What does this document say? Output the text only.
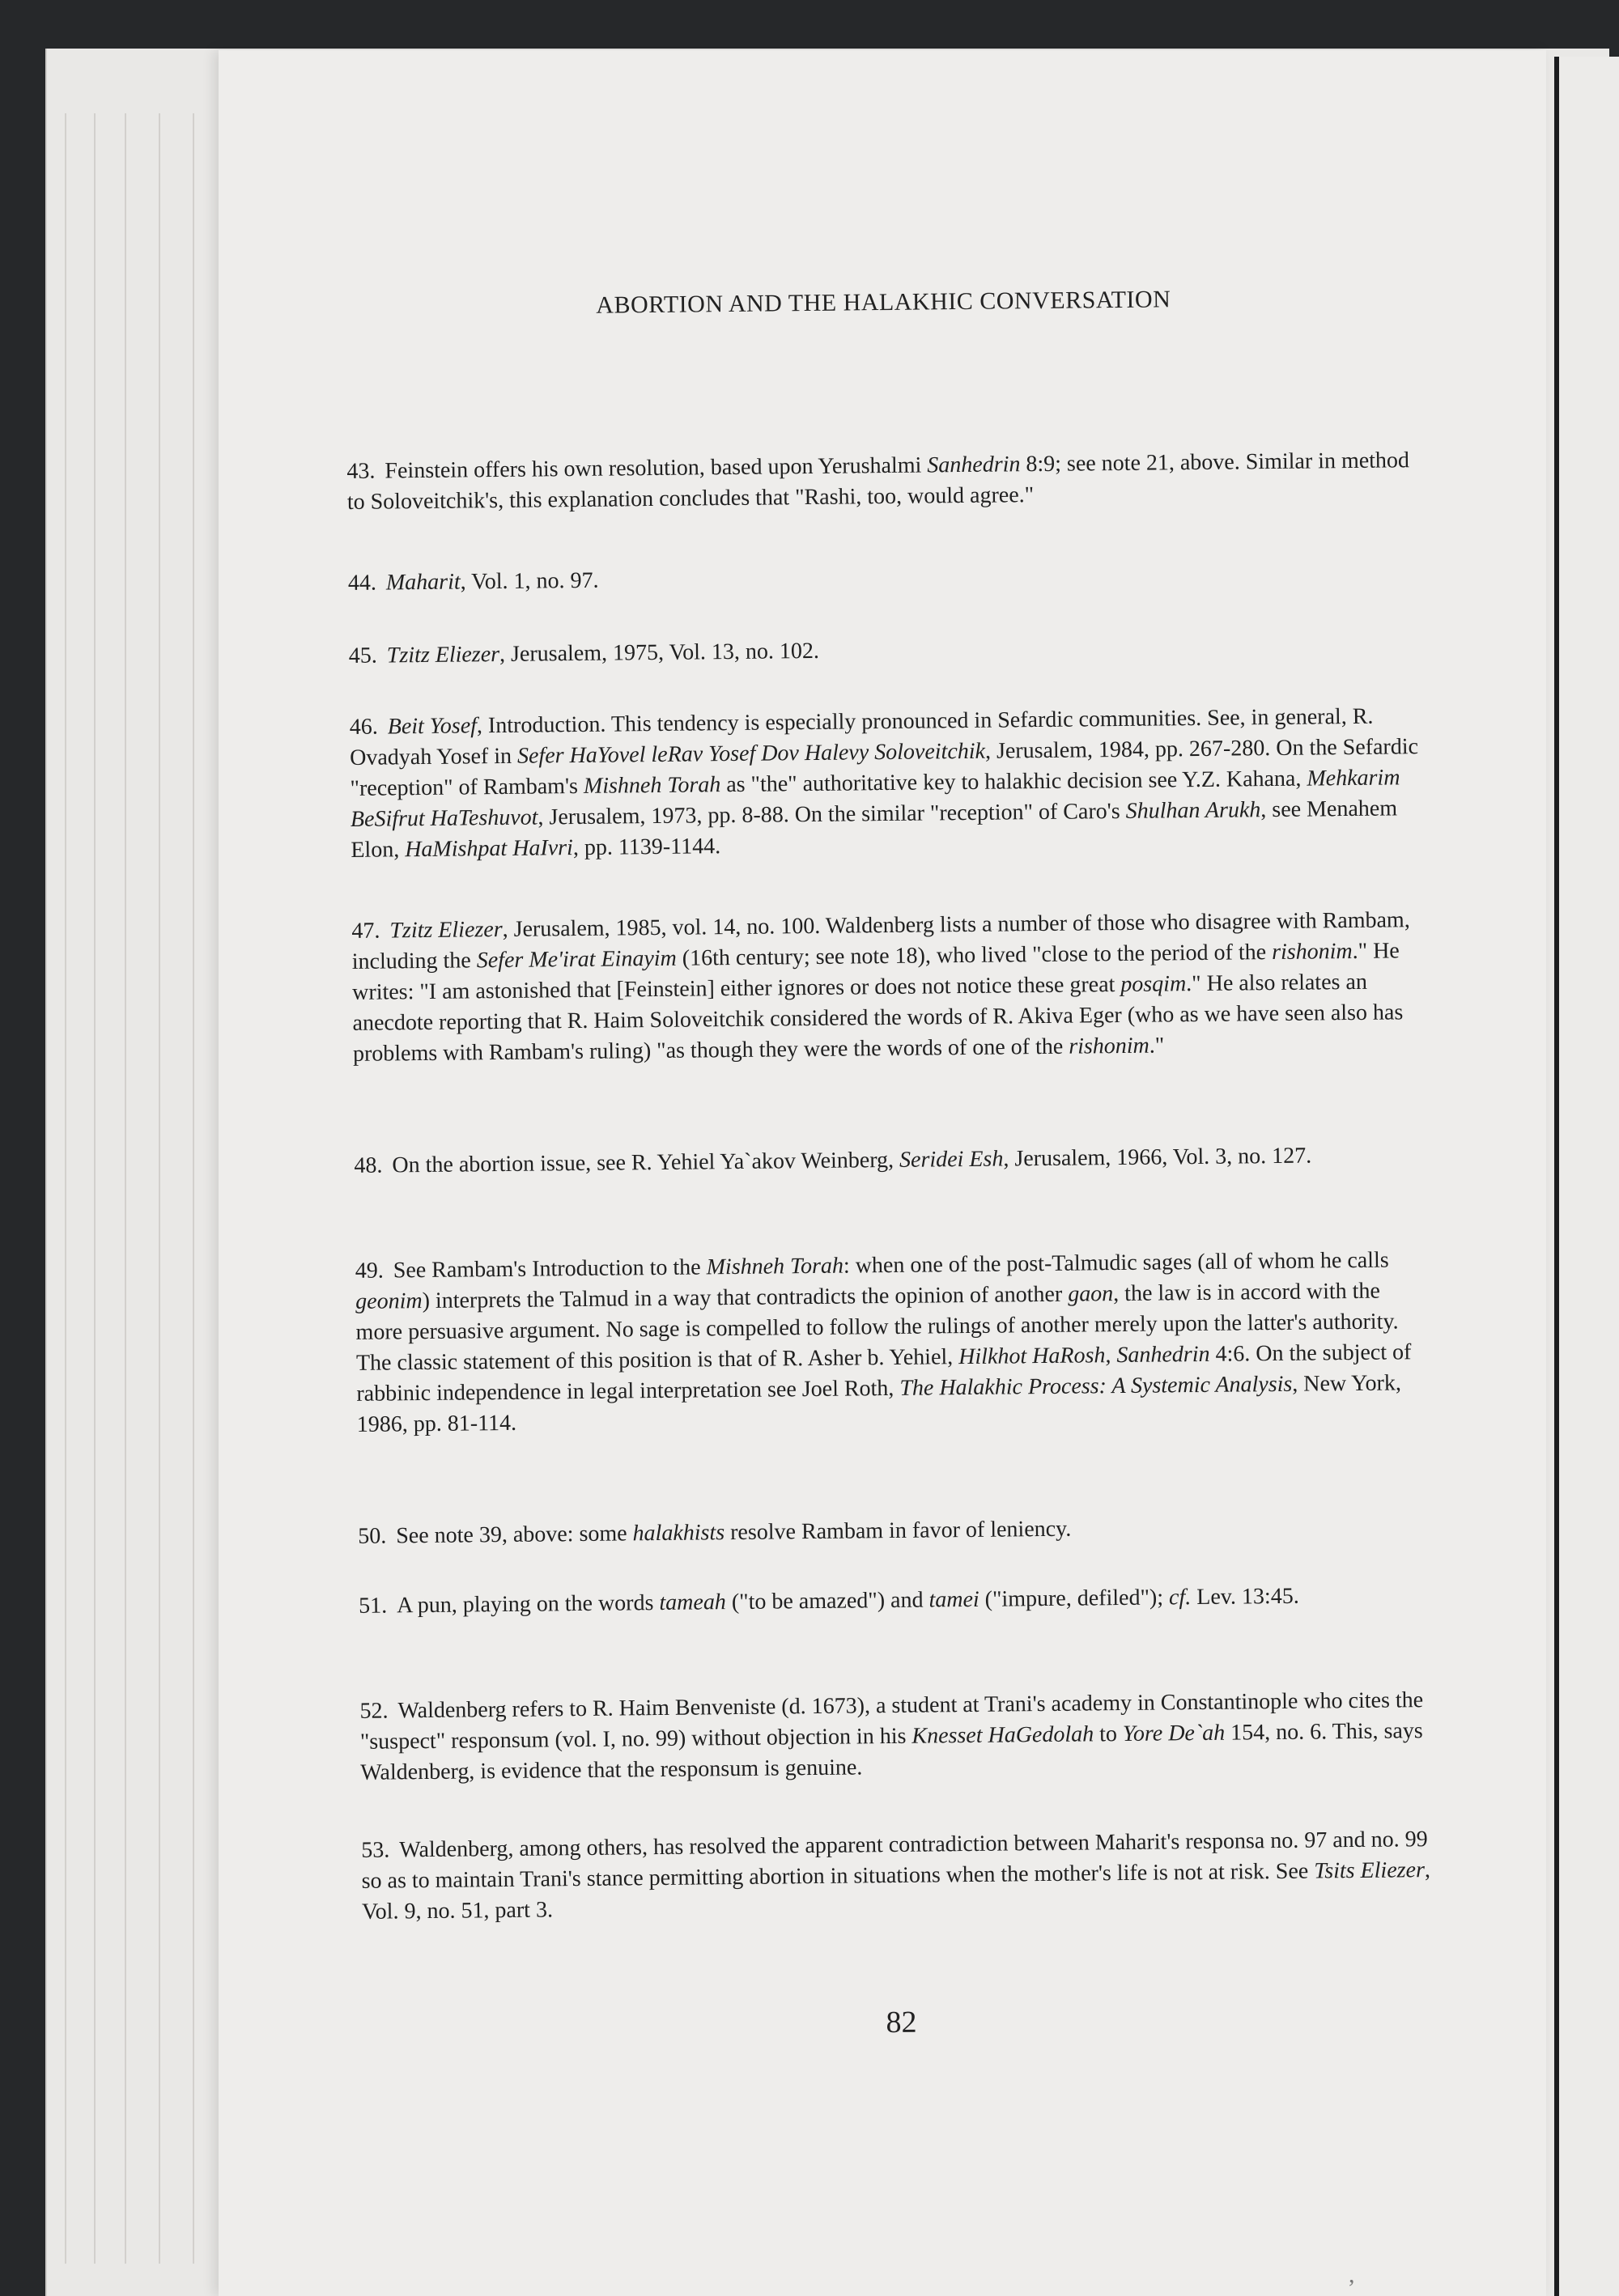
ABORTION AND THE HALAKHIC CONVERSATION
43. Feinstein offers his own resolution, based upon Yerushalmi Sanhedrin 8:9; see note 21, above. Similar in method to Soloveitchik's, this explanation concludes that "Rashi, too, would agree."
44. Maharit, Vol. 1, no. 97.
45. Tzitz Eliezer, Jerusalem, 1975, Vol. 13, no. 102.
46. Beit Yosef, Introduction. This tendency is especially pronounced in Sefardic communities. See, in general, R. Ovadyah Yosef in Sefer HaYovel leRav Yosef Dov Halevy Soloveitchik, Jerusalem, 1984, pp. 267-280. On the Sefardic "reception" of Rambam's Mishneh Torah as "the" authoritative key to halakhic decision see Y.Z. Kahana, Mehkarim BeSifrut HaTeshuvot, Jerusalem, 1973, pp. 8-88. On the similar "reception" of Caro's Shulhan Arukh, see Menahem Elon, HaMishpat HaIvri, pp. 1139-1144.
47. Tzitz Eliezer, Jerusalem, 1985, vol. 14, no. 100. Waldenberg lists a number of those who disagree with Rambam, including the Sefer Me'irat Einayim (16th century; see note 18), who lived "close to the period of the rishonim." He writes: "I am astonished that [Feinstein] either ignores or does not notice these great posqim." He also relates an anecdote reporting that R. Haim Soloveitchik considered the words of R. Akiva Eger (who as we have seen also has problems with Rambam's ruling) "as though they were the words of one of the rishonim."
48. On the abortion issue, see R. Yehiel Ya`akov Weinberg, Seridei Esh, Jerusalem, 1966, Vol. 3, no. 127.
49. See Rambam's Introduction to the Mishneh Torah: when one of the post-Talmudic sages (all of whom he calls geonim) interprets the Talmud in a way that contradicts the opinion of another gaon, the law is in accord with the more persuasive argument. No sage is compelled to follow the rulings of another merely upon the latter's authority. The classic statement of this position is that of R. Asher b. Yehiel, Hilkhot HaRosh, Sanhedrin 4:6. On the subject of rabbinic independence in legal interpretation see Joel Roth, The Halakhic Process: A Systemic Analysis, New York, 1986, pp. 81-114.
50. See note 39, above: some halakhists resolve Rambam in favor of leniency.
51. A pun, playing on the words tameah ("to be amazed") and tamei ("impure, defiled"); cf. Lev. 13:45.
52. Waldenberg refers to R. Haim Benveniste (d. 1673), a student at Trani's academy in Constantinople who cites the "suspect" responsum (vol. I, no. 99) without objection in his Knesset HaGedolah to Yore De`ah 154, no. 6. This, says Waldenberg, is evidence that the responsum is genuine.
53. Waldenberg, among others, has resolved the apparent contradiction between Maharit's responsa no. 97 and no. 99 so as to maintain Trani's stance permitting abortion in situations when the mother's life is not at risk. See Tsits Eliezer, Vol. 9, no. 51, part 3.
82
,
